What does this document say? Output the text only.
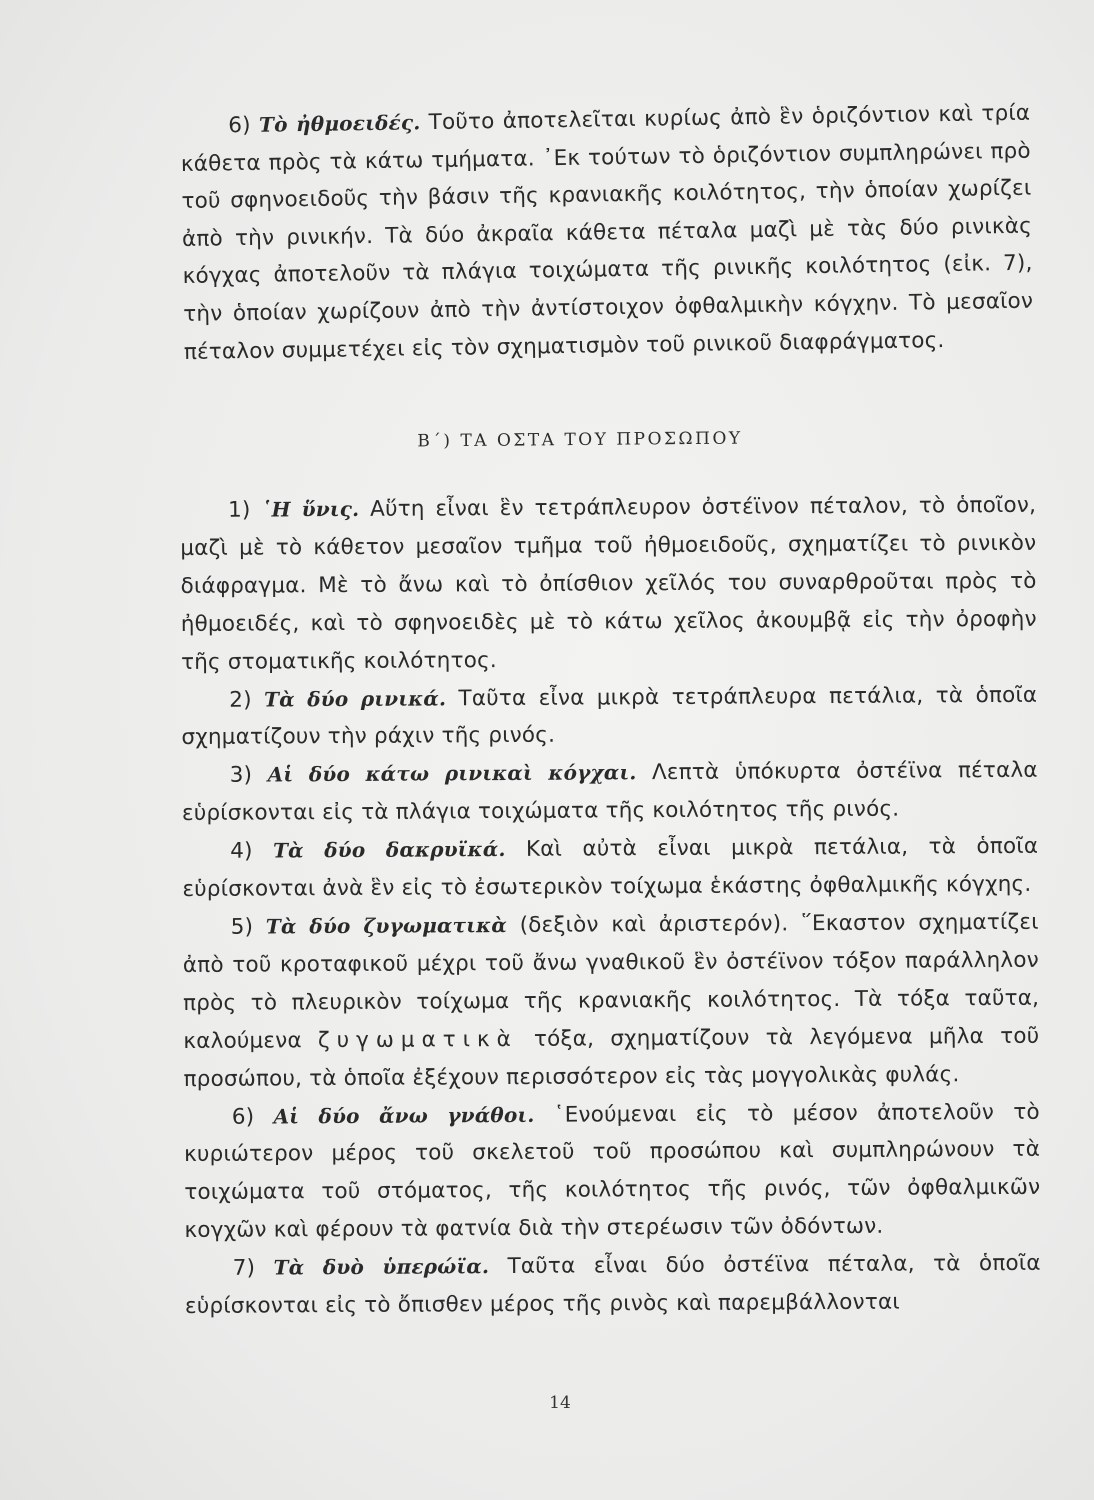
6) Τὸ ἠθμοειδές. Τοῦτο ἀποτελεῖται κυρίως ἀπὸ ἓν ὁριζόντιον καὶ τρία κάθετα πρὸς τὰ κάτω τμήματα. ᾿Εκ τούτων τὸ ὁριζόντιον συμπληρώνει πρὸ τοῦ σφηνοειδοῦς τὴν βάσιν τῆς κρανιακῆς κοιλότητος, τὴν ὁποίαν χωρίζει ἀπὸ τὴν ρινικήν. Τὰ δύο ἀκραῖα κάθετα πέταλα μαζὶ μὲ τὰς δύο ρινικὰς κόγχας ἀποτελοῦν τὰ πλάγια τοιχώματα τῆς ρινικῆς κοιλότητος (εἰκ. 7), τὴν ὁποίαν χωρίζουν ἀπὸ τὴν ἀντίστοιχον ὀφθαλμικὴν κόγχην. Τὸ μεσαῖον πέταλον συμμετέχει εἰς τὸν σχηματισμὸν τοῦ ρινικοῦ διαφράγματος.

Β΄) ΤΑ ΟΣΤΑ ΤΟΥ ΠΡΟΣΩΠΟΥ

1) ῾Η ὕνις. Αὕτη εἶναι ἓν τετράπλευρον ὀστέϊνον πέταλον, τὸ ὁποῖον, μαζὶ μὲ τὸ κάθετον μεσαῖον τμῆμα τοῦ ἠθμοειδοῦς, σχηματίζει τὸ ρινικὸν διάφραγμα. Μὲ τὸ ἄνω καὶ τὸ ὀπίσθιον χεῖλός του συναρθροῦται πρὸς τὸ ἠθμοειδές, καὶ τὸ σφηνοειδὲς μὲ τὸ κάτω χεῖλος ἀκουμβᾷ εἰς τὴν ὀροφὴν τῆς στοματικῆς κοιλότητος.

2) Τὰ δύο ρινικά. Ταῦτα εἶνα μικρὰ τετράπλευρα πετάλια, τὰ ὁποῖα σχηματίζουν τὴν ράχιν τῆς ρινός.

3) Αἱ δύο κάτω ρινικαὶ κόγχαι. Λεπτὰ ὑπόκυρτα ὀστέϊνα πέταλα εὑρίσκονται εἰς τὰ πλάγια τοιχώματα τῆς κοιλότητος τῆς ρινός.

4) Τὰ δύο δακρυϊκά. Καὶ αὐτὰ εἶναι μικρὰ πετάλια, τὰ ὁποῖα εὑρίσκονται ἀνὰ ἓν εἰς τὸ ἐσωτερικὸν τοίχωμα ἑκάστης ὀφθαλμικῆς κόγχης.

5) Τὰ δύο ζυγωματικὰ (δεξιὸν καὶ ἀριστερόν). ῞Εκαστον σχηματίζει ἀπὸ τοῦ κροταφικοῦ μέχρι τοῦ ἄνω γναθικοῦ ἓν ὀστέϊνον τόξον παράλληλον πρὸς τὸ πλευρικὸν τοίχωμα τῆς κρανιακῆς κοιλότητος. Τὰ τόξα ταῦτα, καλούμενα ζυγωματικὰ τόξα, σχηματίζουν τὰ λεγόμενα μῆλα τοῦ προσώπου, τὰ ὁποῖα ἐξέχουν περισσότερον εἰς τὰς μογγολικὰς φυλάς.

6) Αἱ δύο ἄνω γνάθοι. ῾Ενούμεναι εἰς τὸ μέσον ἀποτελοῦν τὸ κυριώτερον μέρος τοῦ σκελετοῦ τοῦ προσώπου καὶ συμπληρώνουν τὰ τοιχώματα τοῦ στόματος, τῆς κοιλότητος τῆς ρινός, τῶν ὀφθαλμικῶν κογχῶν καὶ φέρουν τὰ φατνία διὰ τὴν στερέωσιν τῶν ὀδόντων.

7) Τὰ δυὸ ὑπερώϊα. Ταῦτα εἶναι δύο ὀστέϊνα πέταλα, τὰ ὁποῖα εὑρίσκονται εἰς τὸ ὄπισθεν μέρος τῆς ρινὸς καὶ παρεμβάλλονται

14
